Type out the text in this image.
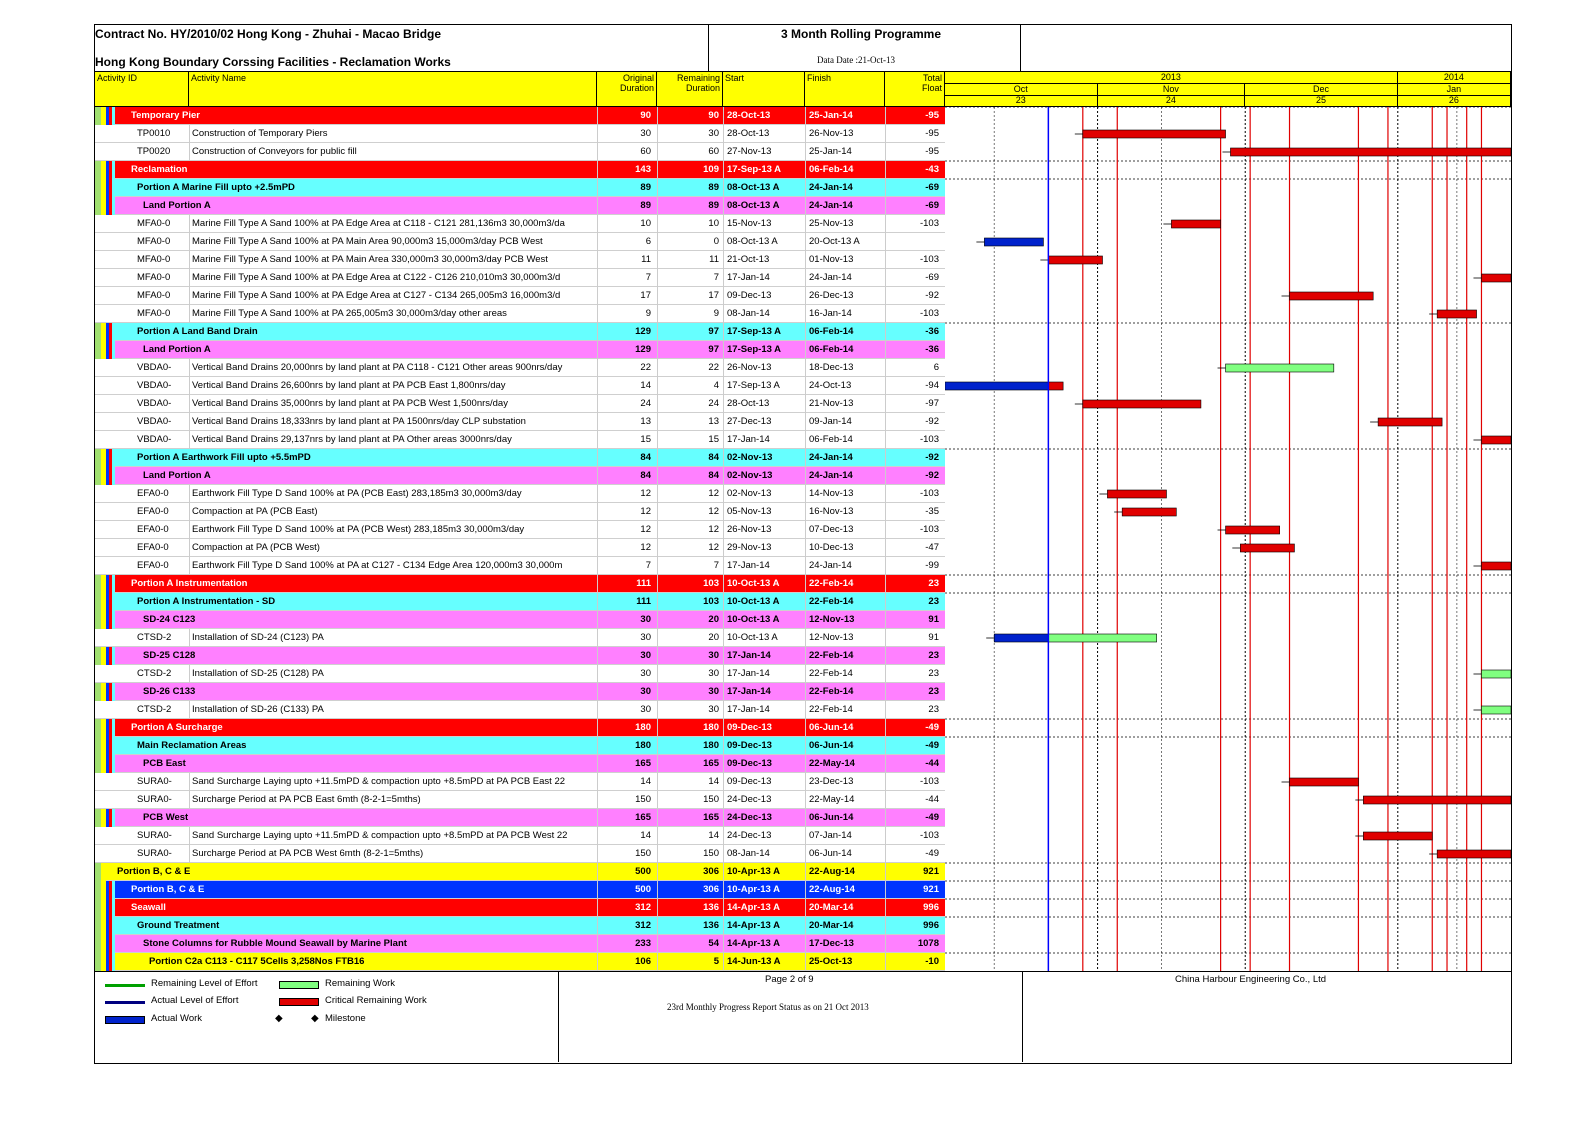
Contract No. HY/2010/02 Hong Kong - Zhuhai - Macao Bridge
Hong Kong Boundary Corssing Facilities - Reclamation Works
3 Month Rolling Programme
Data Date :21-Oct-13
Activity ID	Activity Name	Original
Duration
Remaining
Duration
Start	Finish	Total
Float
2013	2014
Oct	Nov	Dec	Jan
23	24	25	26
Temporary Pier	90	90 28-Oct-13	25-Jan-14	-95
TP0010	Construction of Temporary Piers	30	30 28-Oct-13	26-Nov-13	-95
TP0020	Construction of Conveyors for public fill	60	60 27-Nov-13	25-Jan-14	-95
Reclamation	143	109 17-Sep-13 A	06-Feb-14	-43
Portion A Marine Fill upto +2.5mPD	89	89 08-Oct-13 A	24-Jan-14	-69
Land Portion A	89	89 08-Oct-13 A	24-Jan-14	-69
MFA0-0	Marine Fill Type A Sand 100% at PA Edge Area at C118 - C121 281,136m3 30,000m3/da	10	10 15-Nov-13	25-Nov-13	-103
MFA0-0	Marine Fill Type A Sand 100% at PA Main Area 90,000m3 15,000m3/day PCB West	6	0 08-Oct-13 A	20-Oct-13 A
MFA0-0	Marine Fill Type A Sand 100% at PA Main Area 330,000m3 30,000m3/day PCB West	11	11 21-Oct-13	01-Nov-13	-103
MFA0-0	Marine Fill Type A Sand 100% at PA Edge Area at C122 - C126 210,010m3 30,000m3/d	7	7 17-Jan-14	24-Jan-14	-69
MFA0-0	Marine Fill Type A Sand 100% at PA Edge Area at C127 - C134 265,005m3 16,000m3/d	17	17 09-Dec-13	26-Dec-13	-92
MFA0-0	Marine Fill Type A Sand 100% at PA 265,005m3 30,000m3/day other areas	9	9 08-Jan-14	16-Jan-14	-103
Portion A Land Band Drain	129	97 17-Sep-13 A	06-Feb-14	-36
Land Portion A	129	97 17-Sep-13 A	06-Feb-14	-36
VBDA0-	Vertical Band Drains 20,000nrs by land plant at PA C118 - C121 Other areas 900nrs/day	22	22 26-Nov-13	18-Dec-13	6
VBDA0-	Vertical Band Drains 26,600nrs by land plant at PA PCB East 1,800nrs/day	14	4 17-Sep-13 A	24-Oct-13	-94
VBDA0-	Vertical Band Drains 35,000nrs by land plant at PA PCB West 1,500nrs/day	24	24 28-Oct-13	21-Nov-13	-97
VBDA0-	Vertical Band Drains 18,333nrs by land plant at PA 1500nrs/day CLP substation	13	13 27-Dec-13	09-Jan-14	-92
VBDA0-	Vertical Band Drains 29,137nrs by land plant at PA Other areas 3000nrs/day	15	15 17-Jan-14	06-Feb-14	-103
Portion A Earthwork Fill upto +5.5mPD	84	84 02-Nov-13	24-Jan-14	-92
Land Portion A	84	84 02-Nov-13	24-Jan-14	-92
EFA0-0	Earthwork Fill Type D Sand 100% at PA (PCB East) 283,185m3 30,000m3/day	12	12 02-Nov-13	14-Nov-13	-103
EFA0-0	Compaction at PA (PCB East)	12	12 05-Nov-13	16-Nov-13	-35
EFA0-0	Earthwork Fill Type D Sand 100% at PA (PCB West) 283,185m3 30,000m3/day	12	12 26-Nov-13	07-Dec-13	-103
EFA0-0	Compaction at PA (PCB West)	12	12 29-Nov-13	10-Dec-13	-47
EFA0-0	Earthwork Fill Type D Sand 100% at PA at C127 - C134 Edge Area 120,000m3 30,000m	7	7 17-Jan-14	24-Jan-14	-99
Portion A Instrumentation	111	103 10-Oct-13 A	22-Feb-14	23
Portion A Instrumentation - SD	111	103 10-Oct-13 A	22-Feb-14	23
SD-24 C123	30	20 10-Oct-13 A	12-Nov-13	91
CTSD-2	Installation of SD-24 (C123) PA	30	20 10-Oct-13 A	12-Nov-13	91
SD-25 C128	30	30 17-Jan-14	22-Feb-14	23
CTSD-2	Installation of SD-25 (C128) PA	30	30 17-Jan-14	22-Feb-14	23
SD-26 C133	30	30 17-Jan-14	22-Feb-14	23
CTSD-2	Installation of SD-26 (C133) PA	30	30 17-Jan-14	22-Feb-14	23
Portion A Surcharge	180	180 09-Dec-13	06-Jun-14	-49
Main Reclamation Areas	180	180 09-Dec-13	06-Jun-14	-49
PCB East	165	165 09-Dec-13	22-May-14	-44
SURA0-	Sand Surcharge Laying upto +11.5mPD & compaction upto +8.5mPD at PA PCB East 22	14	14 09-Dec-13	23-Dec-13	-103
SURA0-	Surcharge Period at PA PCB East 6mth (8-2-1=5mths)	150	150 24-Dec-13	22-May-14	-44
PCB West	165	165 24-Dec-13	06-Jun-14	-49
SURA0-	Sand Surcharge Laying upto +11.5mPD & compaction upto +8.5mPD at PA PCB West 22	14	14 24-Dec-13	07-Jan-14	-103
SURA0-	Surcharge Period at PA PCB West 6mth (8-2-1=5mths)	150	150 08-Jan-14	06-Jun-14	-49
Portion B, C & E	500	306 10-Apr-13 A	22-Aug-14	921
Portion B, C & E	500	306 10-Apr-13 A	22-Aug-14	921
Seawall	312	136 14-Apr-13 A	20-Mar-14	996
Ground Treatment	312	136 14-Apr-13 A	20-Mar-14	996
Stone Columns for Rubble Mound Seawall by Marine Plant	233	54 14-Apr-13 A	17-Dec-13	1078
Portion C2a C113 - C117 5Cells 3,258Nos FTB16	106	5 14-Jun-13 A	25-Oct-13	-10
Remaining Level of Effort
Actual Level of Effort
Actual Work
Remaining Work
Critical Remaining Work
◆	◆ Milestone
Page 2 of 9
23rd Monthly Progress Report Status as on 21 Oct 2013
China Harbour Engineering Co., Ltd
